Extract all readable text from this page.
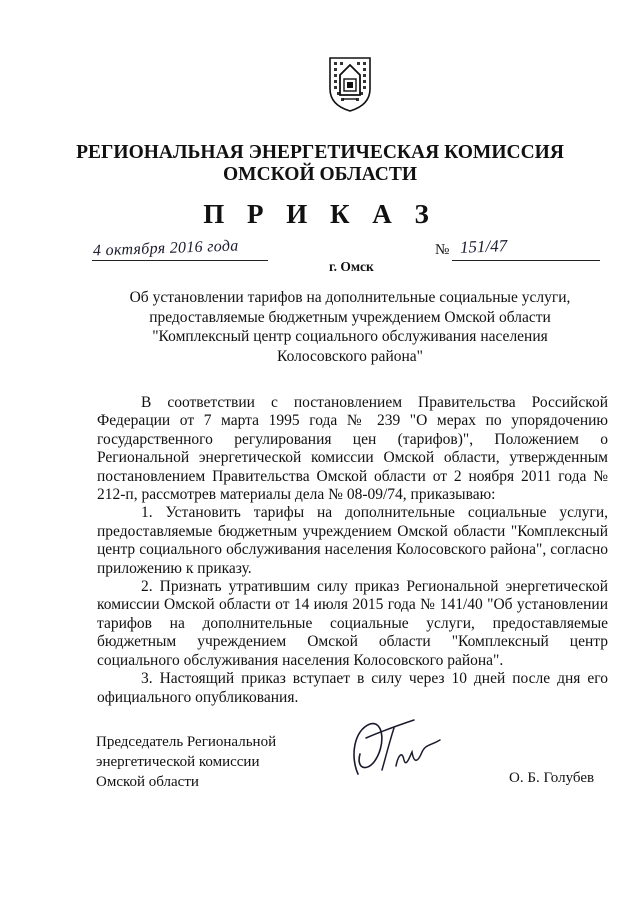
РЕГИОНАЛЬНАЯ ЭНЕРГЕТИЧЕСКАЯ КОМИССИЯ
ОМСКОЙ ОБЛАСТИ
П Р И К А З
4 октября 2016 года	№ 151/47
г. Омск
Об установлении тарифов на дополнительные социальные услуги,
предоставляемые бюджетным учреждением Омской области
"Комплексный центр социального обслуживания населения
Колосовского района"

В соответствии с постановлением Правительства Российской Федерации от 7 марта 1995 года № 239 "О мерах по упорядочению государственного регулирования цен (тарифов)", Положением о Региональной энергетической комиссии Омской области, утвержденным постановлением Правительства Омской области от 2 ноября 2011 года № 212-п, рассмотрев материалы дела № 08-09/74, приказываю:

1. Установить тарифы на дополнительные социальные услуги, предоставляемые бюджетным учреждением Омской области "Комплексный центр социального обслуживания населения Колосовского района", согласно приложению к приказу.

2. Признать утратившим силу приказ Региональной энергетической комиссии Омской области от 14 июля 2015 года № 141/40 "Об установлении тарифов на дополнительные социальные услуги, предоставляемые бюджетным учреждением Омской области "Комплексный центр социального обслуживания населения Колосовского района".

3. Настоящий приказ вступает в силу через 10 дней после дня его официального опубликования.

Председатель Региональной
энергетической комиссии
Омской области	О. Б. Голубев
